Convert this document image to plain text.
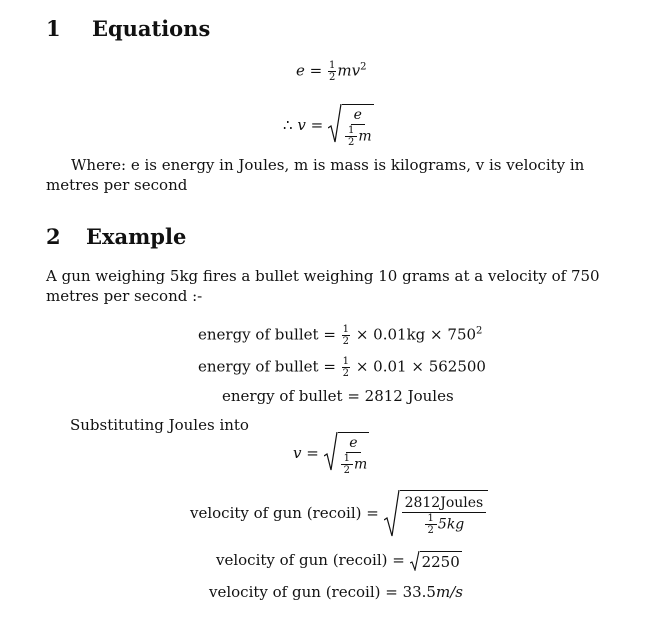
1 Equations
$e = \frac{1}{2} mv^2$
∴ $v = \frac{e}{\frac{1}{2} m}$
Where: e is energy in Joules, m is mass is kilograms, v is velocity in metres per second
2 Example
A gun weighing 5kg fires a bullet weighing 10 grams at a velocity of 750 metres per second :-
energy of bullet = $\frac{1}{2} \times 0.01kg \times 750^2$
energy of bullet = $\frac{1}{2} \times 0.01 \times 562500$
energy of bullet = 2812 Joules
Substituting Joules into
$v = \frac{e}{\frac{1}{2} m}$
velocity of gun (recoil) = $\frac{\text{2812Joules}}{\frac{1}{2} 5kg}$
velocity of gun (recoil) = 2250
velocity of gun (recoil) = 33.5m/s
